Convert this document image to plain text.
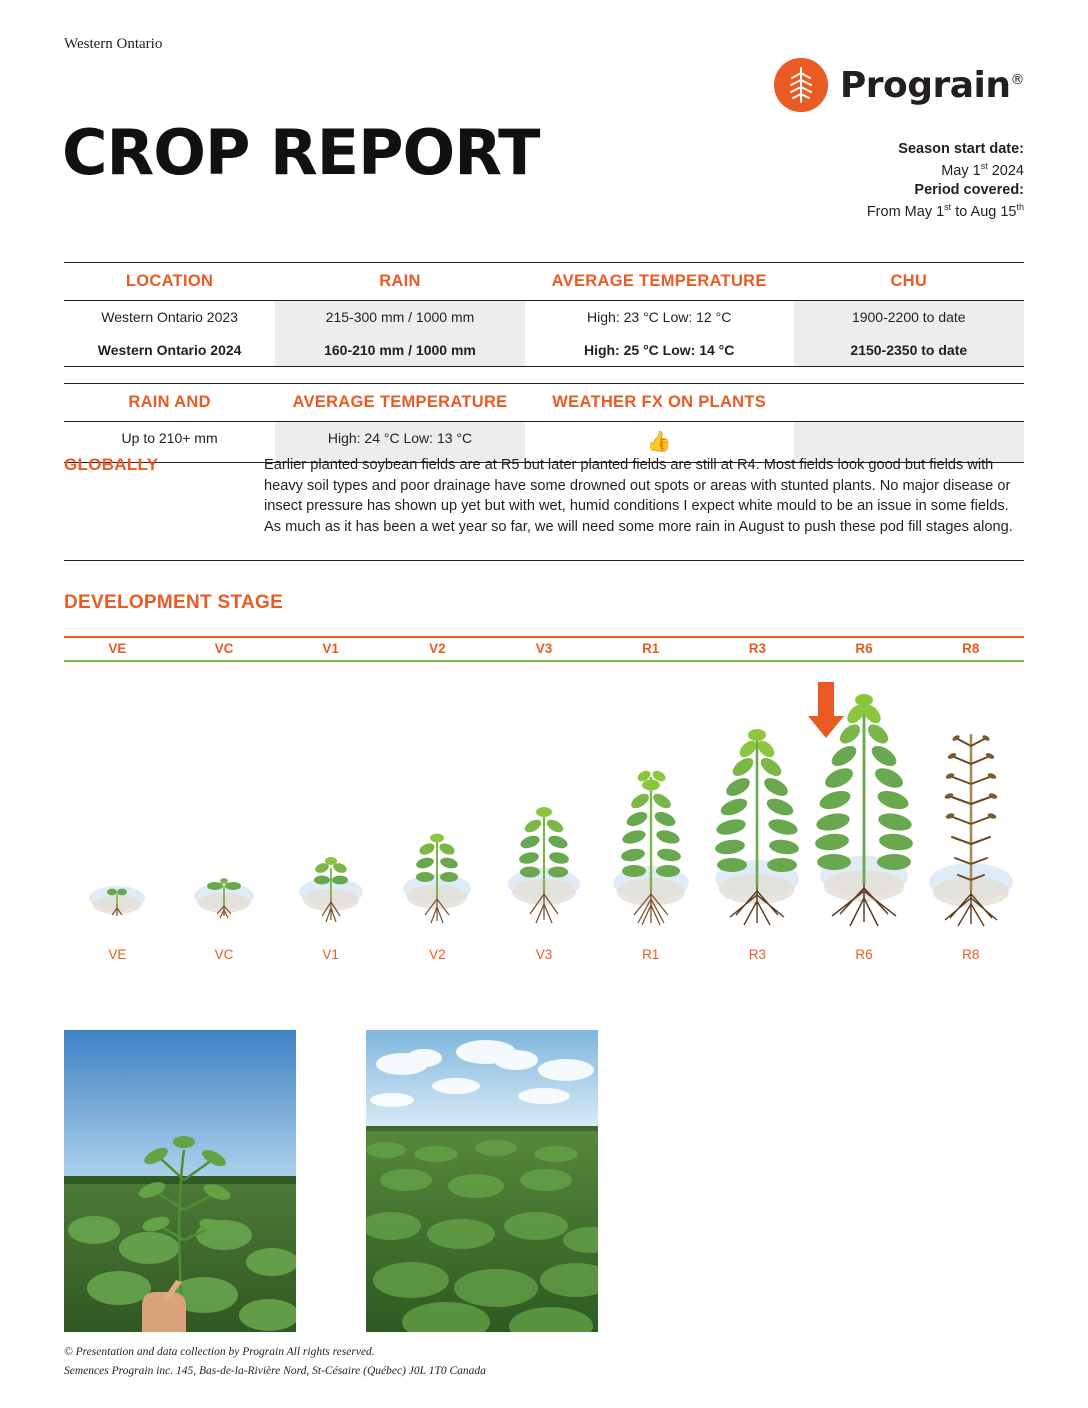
Western Ontario
CROP REPORT
Prograin®
Season start date:
May 1st 2024
Period covered:
From May 1st to Aug 15th
LOCATION	RAIN	AVERAGE TEMPERATURE	CHU
Western Ontario 2023	215-300 mm / 1000 mm	High: 23 °C Low: 12 °C	1900-2200 to date
Western Ontario 2024	160-210 mm / 1000 mm	High: 25 °C Low: 14 °C	2150-2350 to date
RAIN AND	AVERAGE TEMPERATURE	WEATHER FX ON PLANTS
Up to 210+ mm	High: 24 °C Low: 13 °C	👍
GLOBALLY	Earlier planted soybean fields are at R5 but later planted fields are still at R4. Most fields look good but fields with heavy soil types and poor drainage have some drowned out spots or areas with stunted plants. No major disease or insect pressure has shown up yet but with wet, humid conditions I expect white mould to be an issue in some fields. As much as it has been a wet year so far, we will need some more rain in August to push these pod fill stages along.
DEVELOPMENT STAGE
VE	VC	V1	V2	V3	R1	R3	R6	R8
VE	VC	V1	V2	V3	R1	R3	R6	R8
© Presentation and data collection by Prograin All rights reserved.
Semences Prograin inc. 145, Bas-de-la-Rivière Nord, St-Césaire (Québec) J0L 1T0 Canada
